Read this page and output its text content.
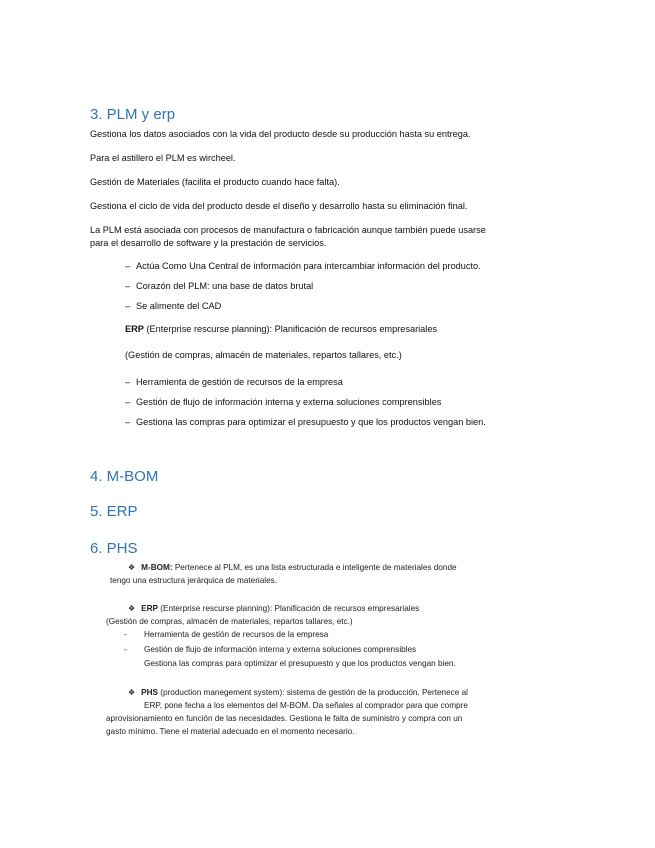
3. PLM y erp

Gestiona los datos asociados con la vida del producto desde su producción hasta su entrega.

Para el astillero el PLM es wircheel.

Gestión de Materiales (facilita el producto cuando hace falta).

Gestiona el ciclo de vida del producto desde el diseño y desarrollo hasta su eliminación final.

La PLM está asociada con procesos de manufactura o fabricación aunque también puede usarse

para el desarrollo de software y la prestación de servicios.

– Actúa Como Una Central de información para intercambiar información del producto.
– Corazón del PLM: una base de datos brutal
– Se alimente del CAD
ERP (Enterprise rescurse planning): Planificación de recursos empresariales
(Gestión de compras, almacén de materiales, repartos tallares, etc.)
– Herramienta de gestión de recursos de la empresa
– Gestión de flujo de información interna y externa soluciones comprensibles
– Gestiona las compras para optimizar el presupuesto y que los productos vengan bien.
4. M-BOM
5. ERP
6. PHS
❖ M-BOM: Pertenece al PLM, es una lista estructurada e inteligente de materiales donde
tengo una estructura jerárquica de materiales.
❖ ERP (Enterprise rescurse planning): Planificación de recursos empresariales
(Gestión de compras, almacén de materiales, repartos tallares, etc.)
- Herramienta de gestión de recursos de la empresa
- Gestión de flujo de información interna y externa soluciones comprensibles
Gestiona las compras para optimizar el presupuesto y que los productos vengan bien.
❖ PHS (production manegement system): sistema de gestión de la producción. Pertenece al
ERP, pone fecha a los elementos del M-BOM. Da señales al comprador para que compre
aprovisionamiento en función de las necesidades. Gestiona le falta de suministro y compra con un
gasto mínimo. Tiene el material adecuado en el momento necesario.
